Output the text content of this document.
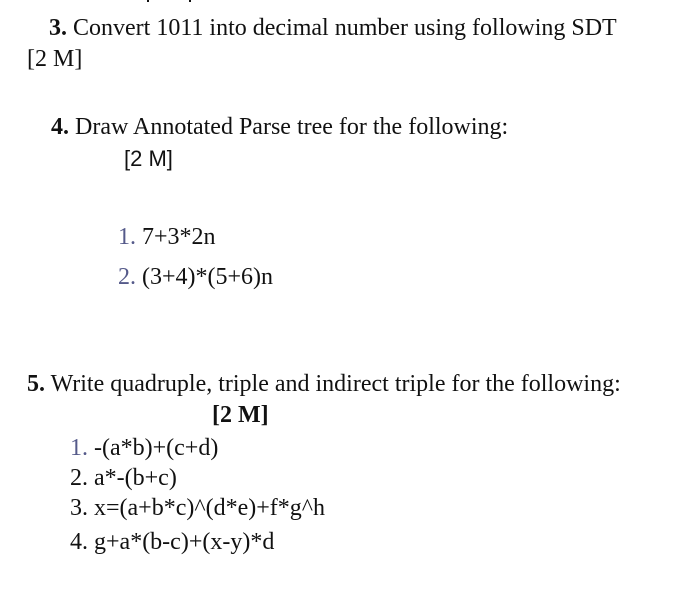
3. Convert 1011 into decimal number using following SDT
[2 M]
4. Draw Annotated Parse tree for the following:
[2 M]
1. 7+3*2n
2. (3+4)*(5+6)n
5. Write quadruple, triple and indirect triple for the following:
[2 M]
1. -(a*b)+(c+d)
2. a*-(b+c)
3. x=(a+b*c)^(d*e)+f*g^h
4. g+a*(b-c)+(x-y)*d
